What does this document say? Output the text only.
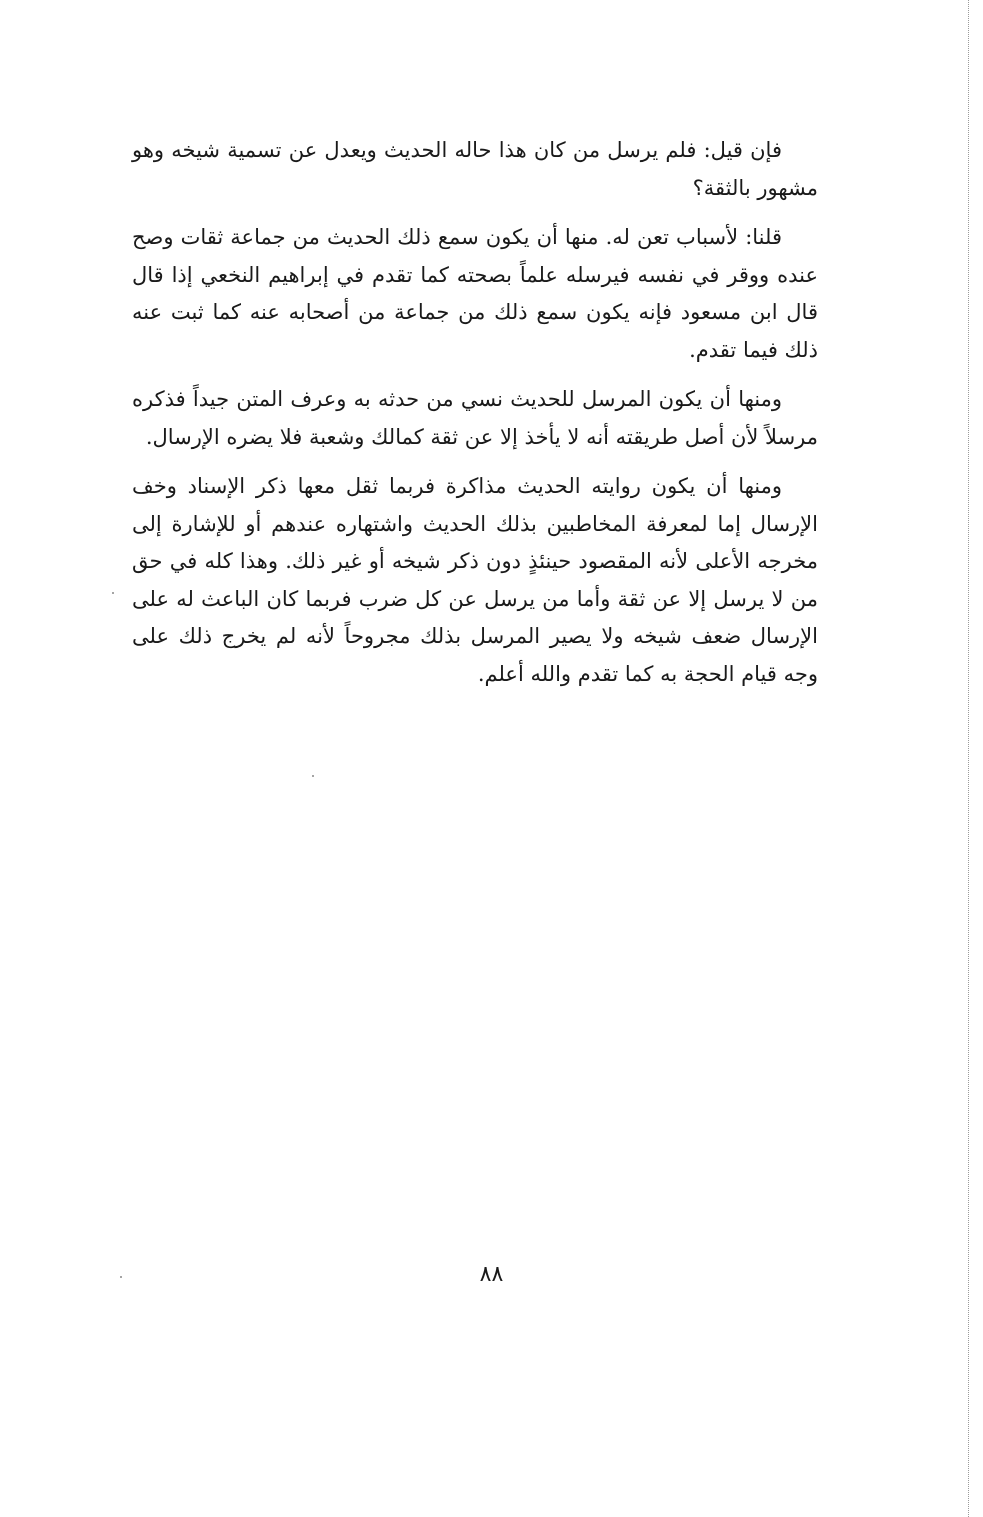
فإن قيل: فلم يرسل من كان هذا حاله الحديث ويعدل عن تسمية شيخه وهو مشهور بالثقة؟

قلنا: لأسباب تعن له. منها أن يكون سمع ذلك الحديث من جماعة ثقات وصح عنده ووقر في نفسه فيرسله علماً بصحته كما تقدم في إبراهيم النخعي إذا قال قال ابن مسعود فإنه يكون سمع ذلك من جماعة من أصحابه عنه كما ثبت عنه ذلك فيما تقدم.

ومنها أن يكون المرسل للحديث نسي من حدثه به وعرف المتن جيداً فذكره مرسلاً لأن أصل طريقته أنه لا يأخذ إلا عن ثقة كمالك وشعبة فلا يضره الإرسال.

ومنها أن يكون روايته الحديث مذاكرة فربما ثقل معها ذكر الإسناد وخف الإرسال إما لمعرفة المخاطبين بذلك الحديث واشتهاره عندهم أو للإشارة إلى مخرجه الأعلى لأنه المقصود حينئذٍ دون ذكر شيخه أو غير ذلك. وهذا كله في حق من لا يرسل إلا عن ثقة وأما من يرسل عن كل ضرب فربما كان الباعث له على الإرسال ضعف شيخه ولا يصير المرسل بذلك مجروحاً لأنه لم يخرج ذلك على وجه قيام الحجة به كما تقدم والله أعلم.

٨٨
